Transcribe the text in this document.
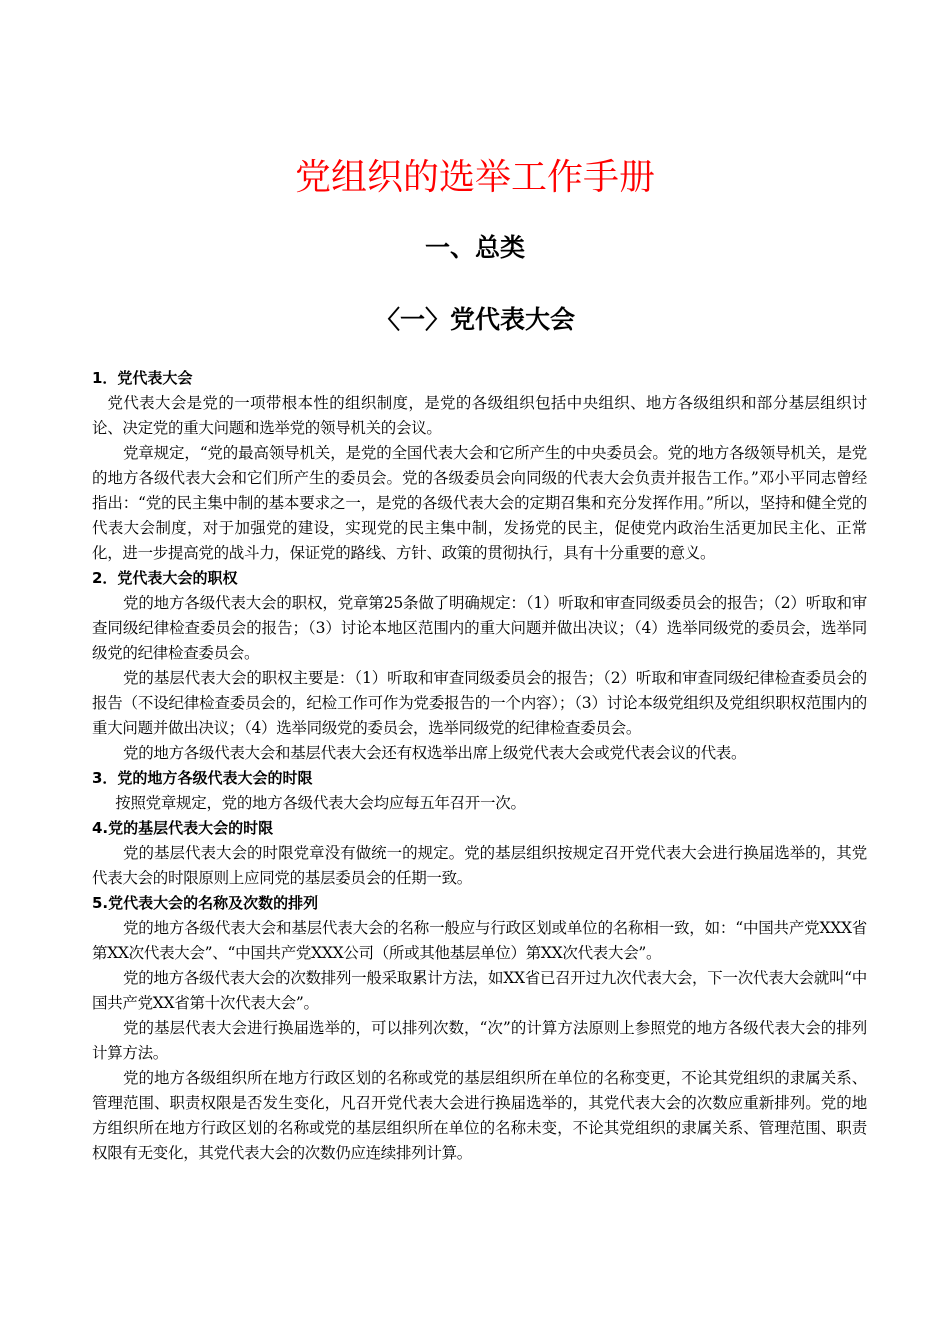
党组织的选举工作手册
一、总类
〈一〉党代表大会
1．党代表大会

党代表大会是党的一项带根本性的组织制度，是党的各级组织包括中央组织、地方各级组织和部分基层组织讨论、决定党的重大问题和选举党的领导机关的会议。

党章规定，“党的最高领导机关，是党的全国代表大会和它所产生的中央委员会。党的地方各级领导机关，是党的地方各级代表大会和它们所产生的委员会。党的各级委员会向同级的代表大会负责并报告工作。”邓小平同志曾经指出：“党的民主集中制的基本要求之一，是党的各级代表大会的定期召集和充分发挥作用。”所以，坚持和健全党的代表大会制度，对于加强党的建设，实现党的民主集中制，发扬党的民主，促使党内政治生活更加民主化、正常化，进一步提高党的战斗力，保证党的路线、方针、政策的贯彻执行，具有十分重要的意义。

2．党代表大会的职权

党的地方各级代表大会的职权，党章第25条做了明确规定：（1）听取和审查同级委员会的报告；（2）听取和审查同级纪律检查委员会的报告；（3）讨论本地区范围内的重大问题并做出决议；（4）选举同级党的委员会，选举同级党的纪律检查委员会。

党的基层代表大会的职权主要是：（1）听取和审查同级委员会的报告；（2）听取和审查同级纪律检查委员会的报告（不设纪律检查委员会的，纪检工作可作为党委报告的一个内容）；（3）讨论本级党组织及党组织职权范围内的重大问题并做出决议；（4）选举同级党的委员会，选举同级党的纪律检查委员会。

党的地方各级代表大会和基层代表大会还有权选举出席上级党代表大会或党代表会议的代表。

3．党的地方各级代表大会的时限

按照党章规定，党的地方各级代表大会均应每五年召开一次。

4.党的基层代表大会的时限

党的基层代表大会的时限党章没有做统一的规定。党的基层组织按规定召开党代表大会进行换届选举的，其党代表大会的时限原则上应同党的基层委员会的任期一致。

5.党代表大会的名称及次数的排列

党的地方各级代表大会和基层代表大会的名称一般应与行政区划或单位的名称相一致，如：“中国共产党XXX省第XX次代表大会”、“中国共产党XXX公司（所或其他基层单位）第XX次代表大会”。

党的地方各级代表大会的次数排列一般采取累计方法，如XX省已召开过九次代表大会，下一次代表大会就叫“中国共产党XX省第十次代表大会”。

党的基层代表大会进行换届选举的，可以排列次数，“次”的计算方法原则上参照党的地方各级代表大会的排列计算方法。

党的地方各级组织所在地方行政区划的名称或党的基层组织所在单位的名称变更，不论其党组织的隶属关系、管理范围、职责权限是否发生变化，凡召开党代表大会进行换届选举的，其党代表大会的次数应重新排列。党的地方组织所在地方行政区划的名称或党的基层组织所在单位的名称未变，不论其党组织的隶属关系、管理范围、职责权限有无变化，其党代表大会的次数仍应连续排列计算。
